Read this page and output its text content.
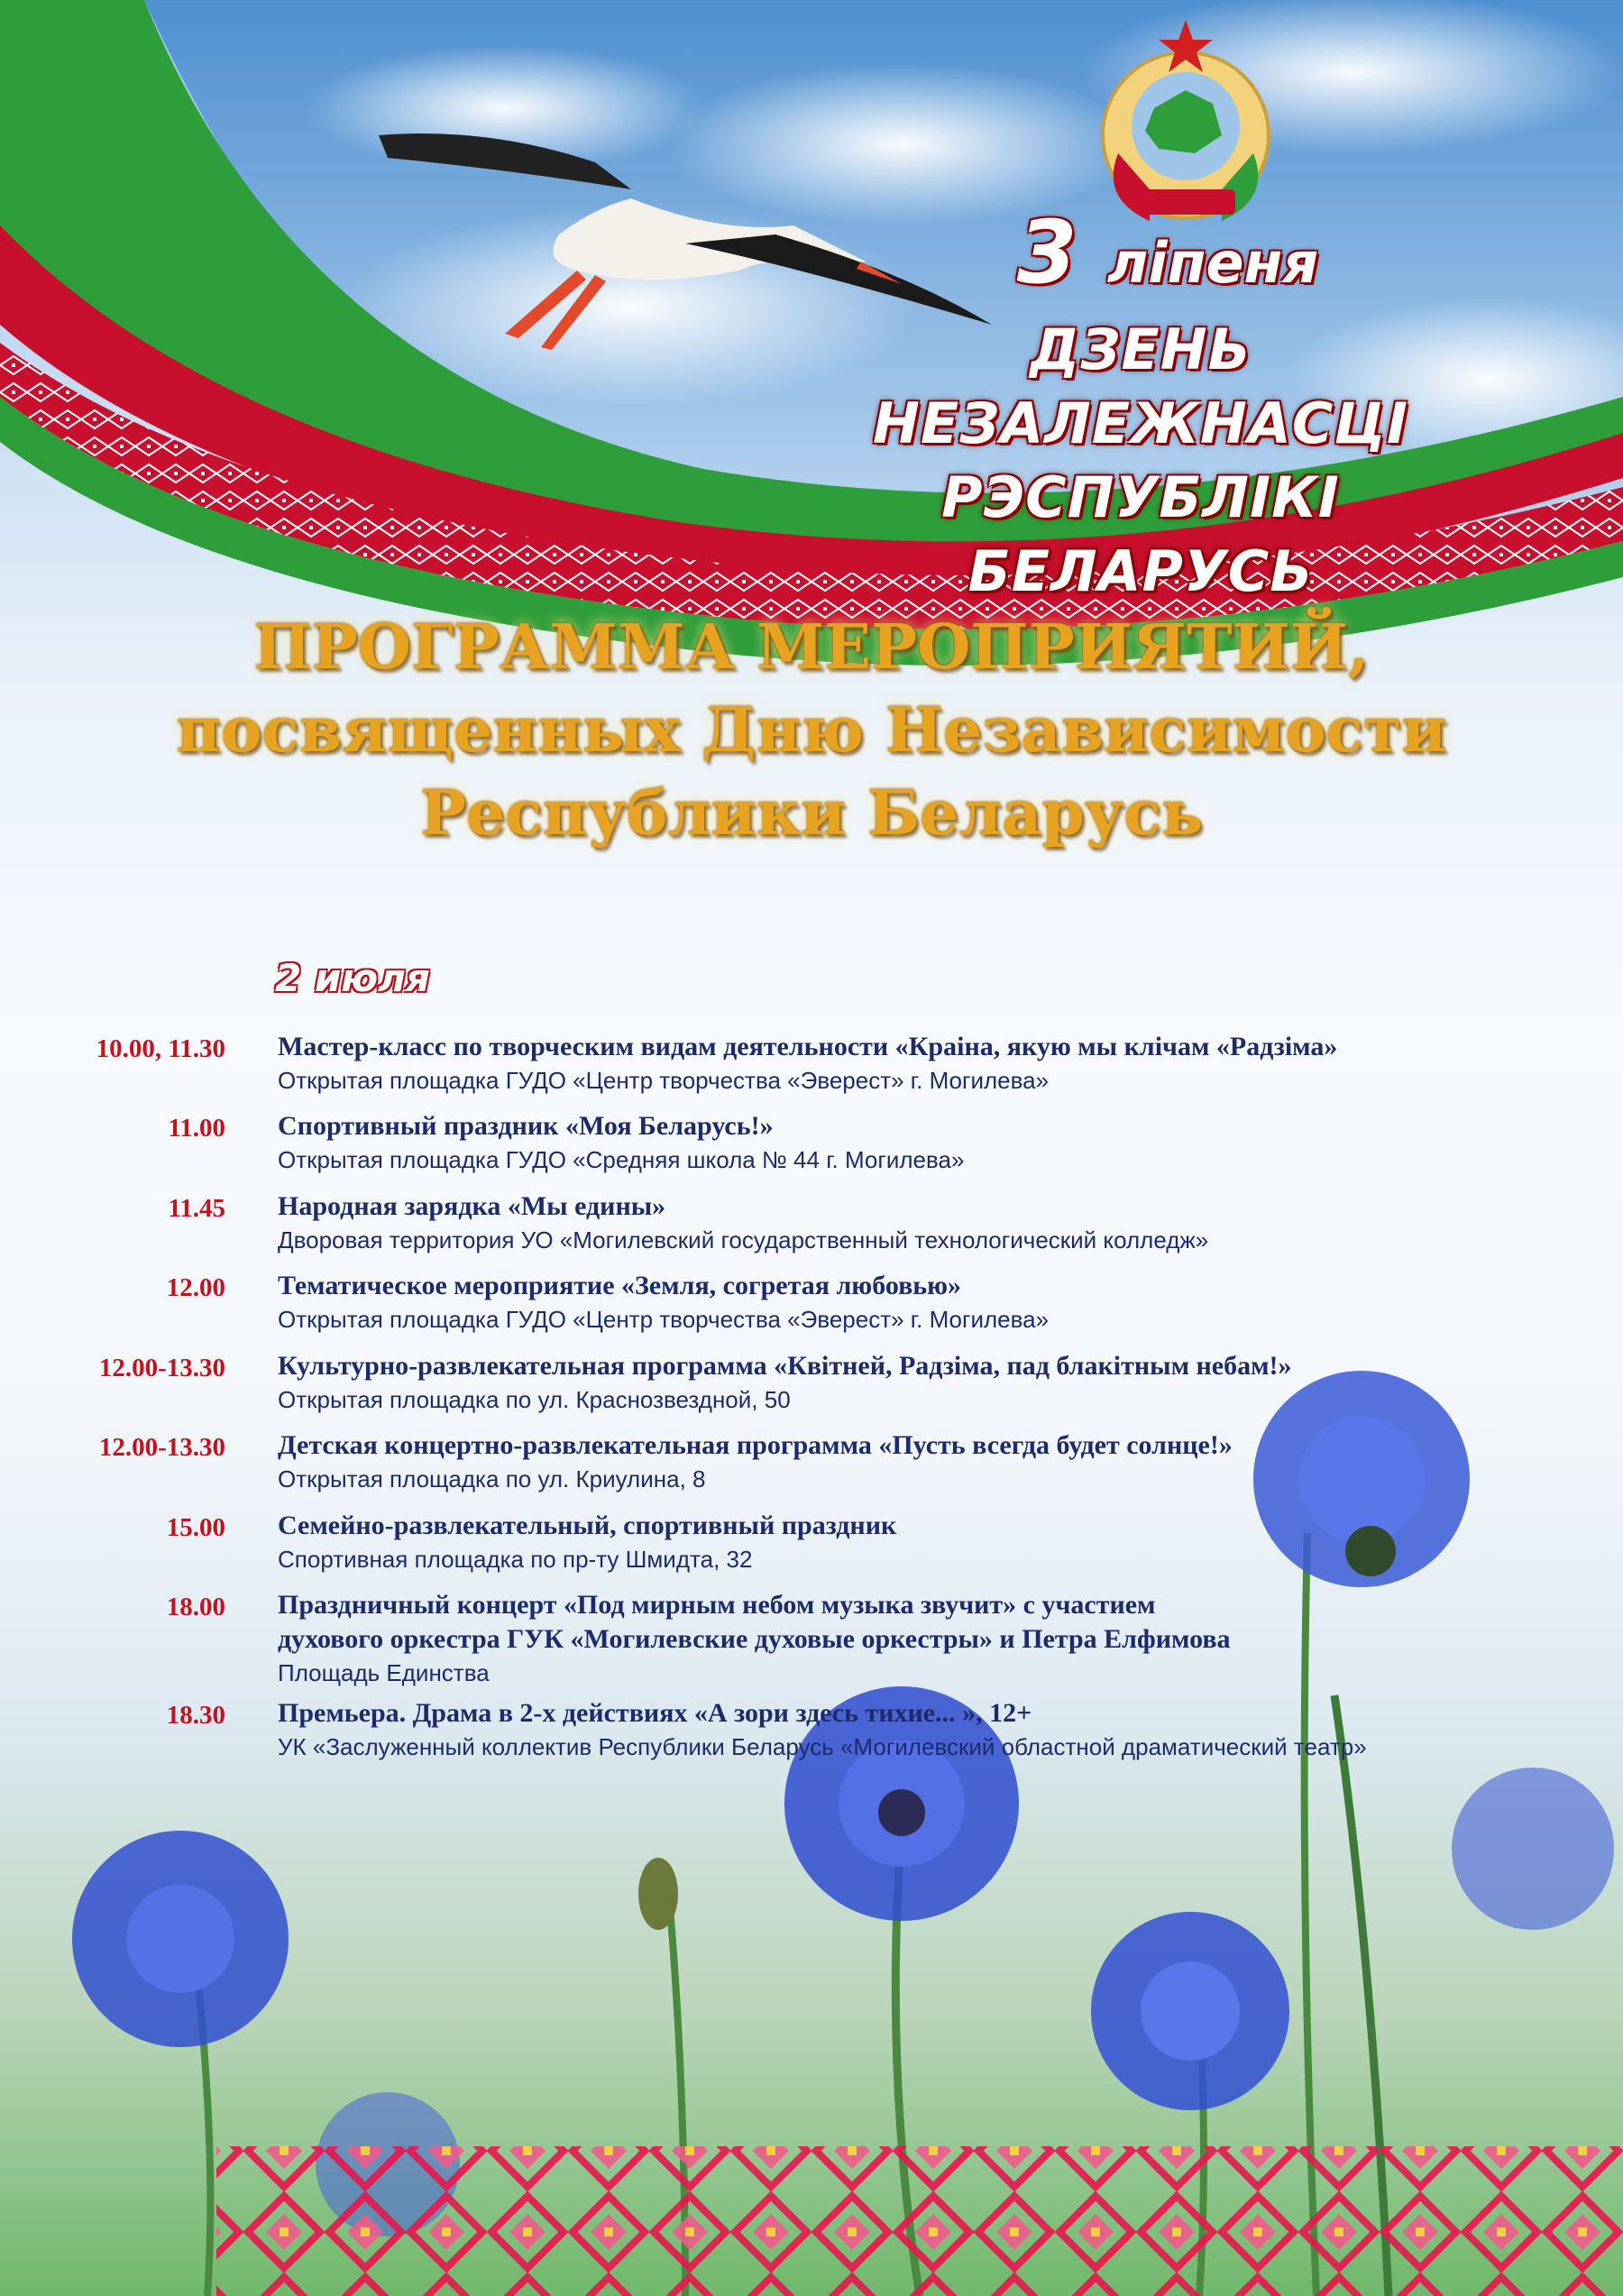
3 ліпеня
ДЗЕНЬ НЕЗАЛЕЖНАСЦІ
РЭСПУБЛІКІ БЕЛАРУСЬ
ПРОГРАММА МЕРОПРИЯТИЙ,
посвященных Дню Независимости
Республики Беларусь
2 июля
10.00, 11.30 Мастер-класс по творческим видам деятельности «Краіна, якую мы клічам «Радзіма»
Открытая площадка ГУДО «Центр творчества «Эверест» г. Могилева»
11.00 Спортивный праздник «Моя Беларусь!»
Открытая площадка ГУДО «Средняя школа № 44 г. Могилева»
11.45 Народная зарядка «Мы едины»
Дворовая территория УО «Могилевский государственный технологический колледж»
12.00 Тематическое мероприятие «Земля, согретая любовью»
Открытая площадка ГУДО «Центр творчества «Эверест» г. Могилева»
12.00-13.30 Культурно-развлекательная программа «Квітней, Радзіма, пад блакітным небам!»
Открытая площадка по ул. Краснозвездной, 50
12.00-13.30 Детская концертно-развлекательная программа «Пусть всегда будет солнце!»
Открытая площадка по ул. Криулина, 8
15.00 Семейно-развлекательный, спортивный праздник
Спортивная площадка по пр-ту Шмидта, 32
18.00 Праздничный концерт «Под мирным небом музыка звучит» с участием
духового оркестра ГУК «Могилевские духовые оркестры» и Петра Елфимова
Площадь Единства
18.30 Премьера. Драма в 2-х действиях «А зори здесь тихие... », 12+
УК «Заслуженный коллектив Республики Беларусь «Могилевский областной драматический театр»
